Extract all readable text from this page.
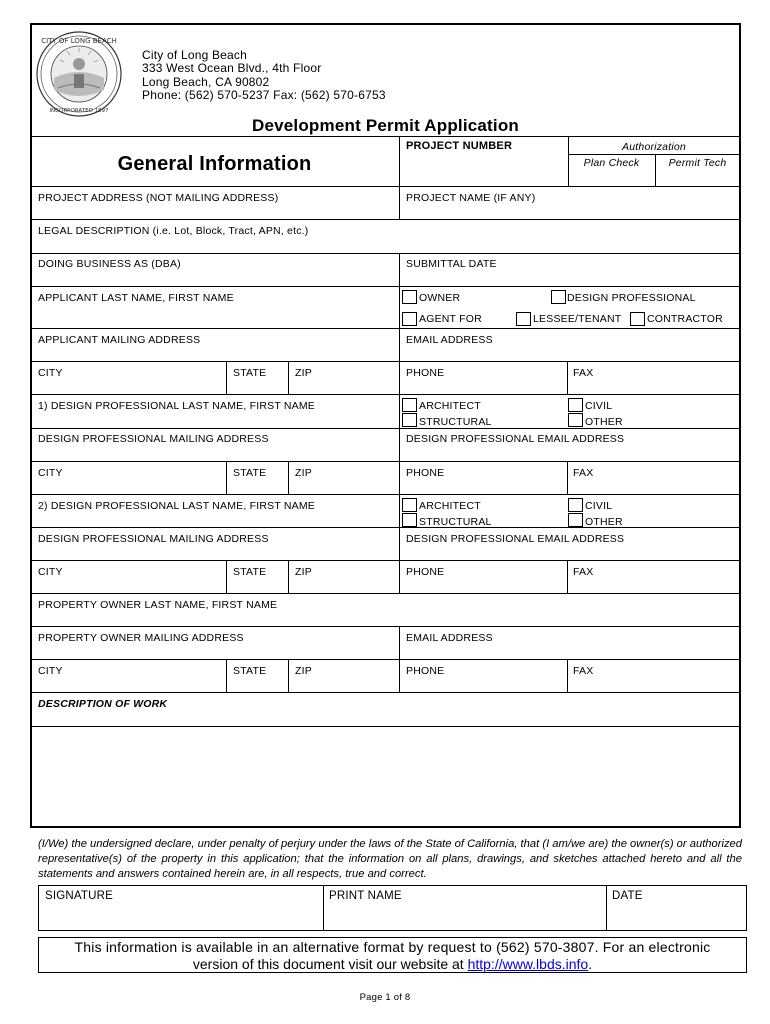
CITY OF LONG BEACH
INCORPORATED 1897
City of Long Beach
333 West Ocean Blvd., 4th Floor
Long Beach, CA 90802
Phone: (562) 570-5237 Fax: (562) 570-6753
Development Permit Application
General Information
PROJECT NUMBER	Authorization
Plan Check	Permit Tech
PROJECT ADDRESS (NOT MAILING ADDRESS)	PROJECT NAME (IF ANY)
LEGAL DESCRIPTION (i.e. Lot, Block, Tract, APN, etc.)
DOING BUSINESS AS (DBA)	SUBMITTAL DATE
APPLICANT LAST NAME, FIRST NAME	OWNER	DESIGN PROFESSIONAL
AGENT FOR	LESSEE/TENANT CONTRACTOR
APPLICANT MAILING ADDRESS	EMAIL ADDRESS
CITY	STATE	ZIP	PHONE	FAX
1) DESIGN PROFESSIONAL LAST NAME, FIRST NAME	ARCHITECT
STRUCTURAL
CIVIL
OTHER
DESIGN PROFESSIONAL MAILING ADDRESS	DESIGN PROFESSIONAL EMAIL ADDRESS
CITY	STATE	ZIP	PHONE	FAX
2) DESIGN PROFESSIONAL LAST NAME, FIRST NAME	ARCHITECT
STRUCTURAL
CIVIL
OTHER
DESIGN PROFESSIONAL MAILING ADDRESS	DESIGN PROFESSIONAL EMAIL ADDRESS
CITY	STATE	ZIP	PHONE	FAX
PROPERTY OWNER LAST NAME, FIRST NAME
PROPERTY OWNER MAILING ADDRESS	EMAIL ADDRESS
CITY	STATE	ZIP	PHONE	FAX
DESCRIPTION OF WORK
(I/We) the undersigned declare, under penalty of perjury under the laws of the State of California, that (I am/we are) the owner(s) or authorized representative(s) of the property in this application; that the information on all plans, drawings, and sketches attached hereto and all the statements and answers contained herein are, in all respects, true and correct.
SIGNATURE	PRINT NAME	DATE
This information is available in an alternative format by request to (562) 570-3807. For an electronic
version of this document visit our website at http://www.lbds.info.
Page 1 of 8
